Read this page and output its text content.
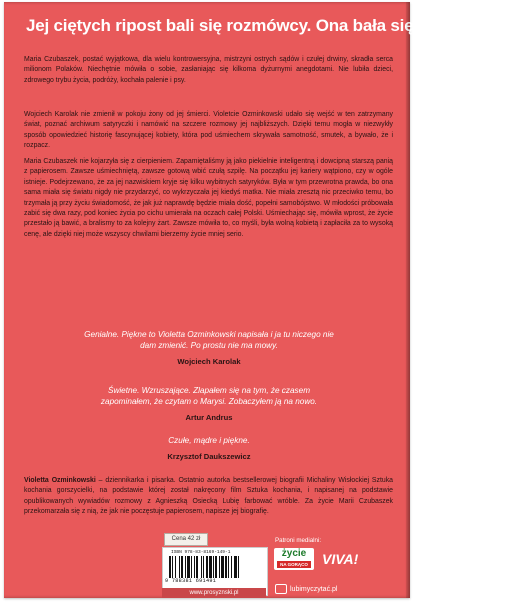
Jej ciętych ripost bali się rozmówcy. Ona bała się tylko myszy.

Maria Czubaszek, postać wyjątkowa, dla wielu kontrowersyjna, mistrzyni ostrych sądów i czułej drwiny, skradła serca milionom Polaków. Niechętnie mówiła o sobie, zasłaniając się kilkoma dyżurnymi anegdotami. Nie lubiła dzieci, zdrowego trybu życia, podróży, kochała palenie i psy.

Wojciech Karolak nie zmienił w pokoju żony od jej śmierci. Violetcie Ozminkowski udało się wejść w ten zatrzymany świat, poznać archiwum satyryczki i namówić na szczere rozmowy jej najbliższych. Dzięki temu mogła w niezwykły sposób opowiedzieć historię fascynującej kobiety, która pod uśmiechem skrywała samotność, smutek, a bywało, że i rozpacz.

Maria Czubaszek nie kojarzyła się z cierpieniem. Zapamiętaliśmy ją jako piekielnie inteligentną i dowcipną starszą panią z papierosem. Zawsze uśmiechniętą, zawsze gotową wbić czułą szpilę. Na początku jej kariery wątpiono, czy w ogóle istnieje. Podejrzewano, że za jej nazwiskiem kryje się kilku wybitnych satyryków. Była w tym przewrotna prawda, bo ona sama miała się światu nigdy nie przydarzyć, co wykrzyczała jej kiedyś matka. Nie miała zresztą nic przeciwko temu, bo trzymała ją przy życiu świadomość, że jak już naprawdę będzie miała dość, popełni samobójstwo. W młodości próbowała zabić się dwa razy, pod koniec życia po cichu umierała na oczach całej Polski. Uśmiechając się, mówiła wprost, że życie przestało ją bawić, a bralismy to za kolejny żart. Zawsze mówiła to, co myśli, była wolną kobietą i zapłaciła za to wysoką cenę, ale dzięki niej może wszyscy chwilami bierzemy życie mniej serio.

Genialne. Piękne to Violetta Ozminkowski napisała i ja tu niczego nie dam zmienić. Po prostu nie ma mowy.
Wojciech Karolak

Świetne. Wzruszające. Zlapałem się na tym, że czasem zapominałem, że czytam o Marysi. Zobaczyłem ją na nowo.
Artur Andrus

Czułe, mądre i piękne.
Krzysztof Daukszewicz

Violetta Ozminkowski – dziennikarka i pisarka. Ostatnio autorka bestsellerowej biografii Michaliny Wisłockiej Sztuka kochania gorszycielki, na podstawie której został nakręcony film Sztuka kochania, i napisanej na podstawie opublikowanych wywiadów rozmowy z Agnieszką Osiecką Lubię farbować wróble. Za życie Marii Czubaszek przekomarzała się z nią, że jak nie poczęstuje papierosem, napisze jej biografię.

Cena 42 zł
ISBN 978-83-8169-149-1
9 788381 691491
www.prosyznski.pl
Patroni medialni:
życie
NA GORĄCO VIVA!
lubimyczytać.pl
